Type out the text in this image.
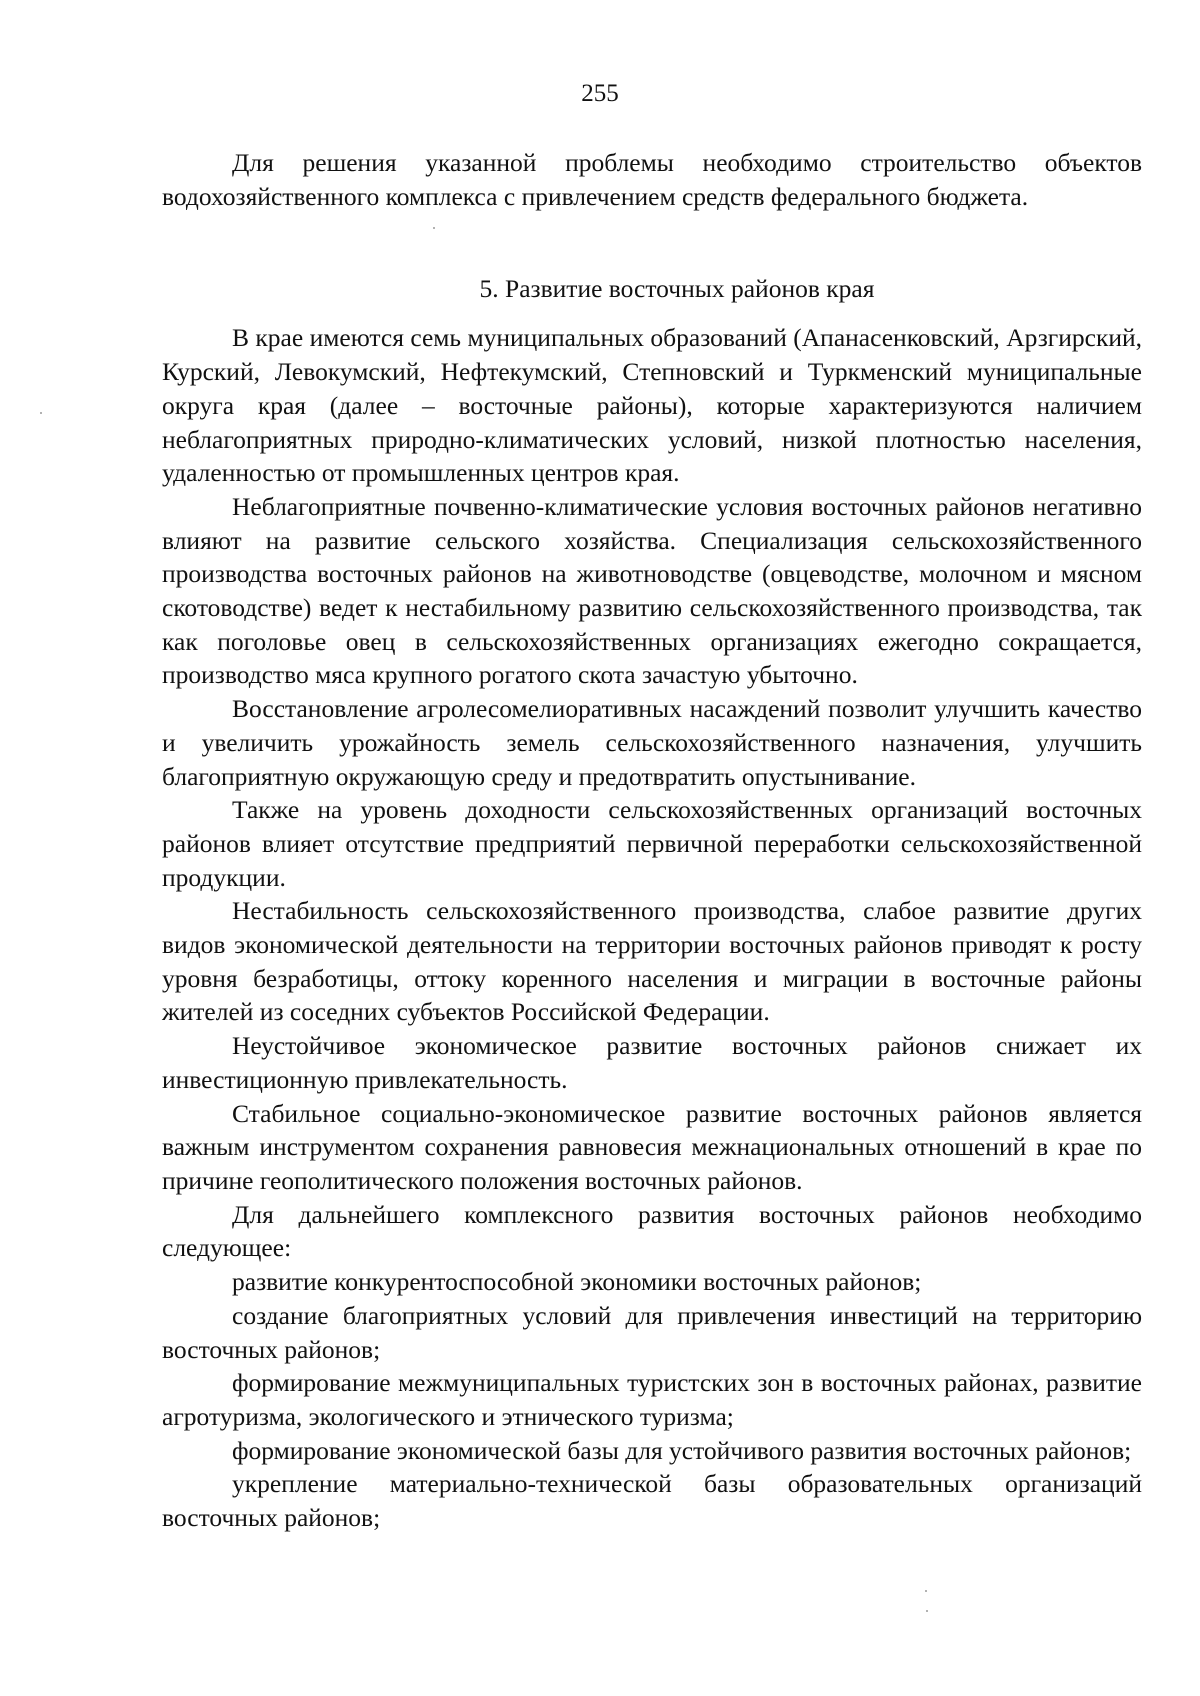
255

Для решения указанной проблемы необходимо строительство объектов водохозяйственного комплекса с привлечением средств федерального бюджета.

5. Развитие восточных районов края

В крае имеются семь муниципальных образований (Апанасенковский, Арзгирский, Курский, Левокумский, Нефтекумский, Степновский и Туркменский муниципальные округа края (далее – восточные районы), которые характеризуются наличием неблагоприятных природно-климатических условий, низкой плотностью населения, удаленностью от промышленных центров края.

Неблагоприятные почвенно-климатические условия восточных районов негативно влияют на развитие сельского хозяйства. Специализация сельскохозяйственного производства восточных районов на животноводстве (овцеводстве, молочном и мясном скотоводстве) ведет к нестабильному развитию сельскохозяйственного производства, так как поголовье овец в сельскохозяйственных организациях ежегодно сокращается, производство мяса крупного рогатого скота зачастую убыточно.

Восстановление агролесомелиоративных насаждений позволит улучшить качество и увеличить урожайность земель сельскохозяйственного назначения, улучшить благоприятную окружающую среду и предотвратить опустынивание.

Также на уровень доходности сельскохозяйственных организаций восточных районов влияет отсутствие предприятий первичной переработки сельскохозяйственной продукции.

Нестабильность сельскохозяйственного производства, слабое развитие других видов экономической деятельности на территории восточных районов приводят к росту уровня безработицы, оттоку коренного населения и миграции в восточные районы жителей из соседних субъектов Российской Федерации.

Неустойчивое экономическое развитие восточных районов снижает их инвестиционную привлекательность.

Стабильное социально-экономическое развитие восточных районов является важным инструментом сохранения равновесия межнациональных отношений в крае по причине геополитического положения восточных районов.

Для дальнейшего комплексного развития восточных районов необходимо следующее:

развитие конкурентоспособной экономики восточных районов;

создание благоприятных условий для привлечения инвестиций на территорию восточных районов;

формирование межмуниципальных туристских зон в восточных районах, развитие агротуризма, экологического и этнического туризма;

формирование экономической базы для устойчивого развития восточных районов;

укрепление материально-технической базы образовательных организаций восточных районов;
